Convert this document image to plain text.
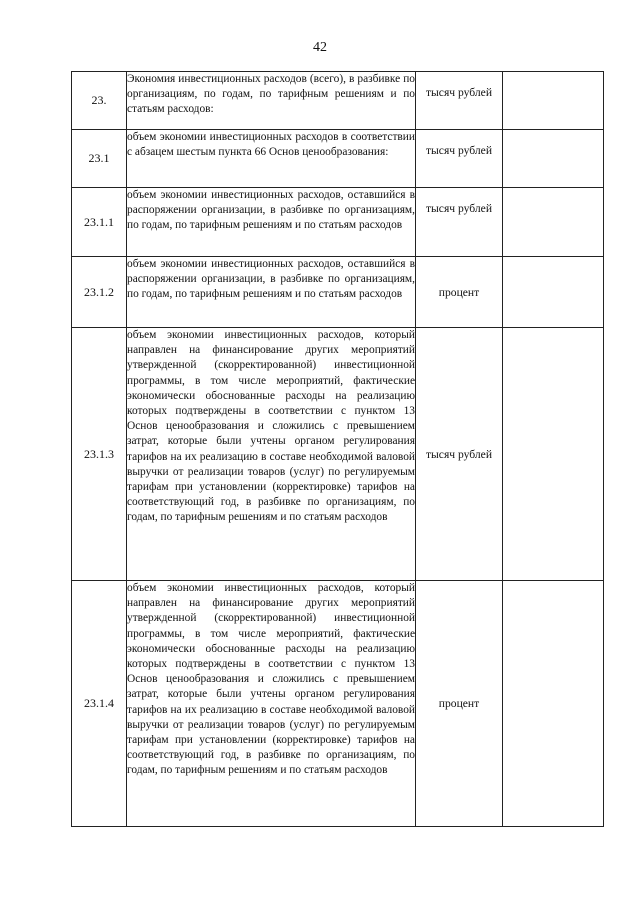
42
23.	Экономия инвестиционных расходов (всего), в разбивке по организациям, по годам, по тарифным решениям и по статьям расходов:	тысяч рублей	
23.1	объем экономии инвестиционных расходов в соответствии с абзацем шестым пункта 66 Основ ценообразования:	тысяч рублей	
23.1.1	объем экономии инвестиционных расходов, оставшийся в распоряжении организации, в разбивке по организациям, по годам, по тарифным решениям и по статьям расходов	тысяч рублей	
23.1.2	объем экономии инвестиционных расходов, оставшийся в распоряжении организации, в разбивке по организациям, по годам, по тарифным решениям и по статьям расходов	процент	
23.1.3	объем экономии инвестиционных расходов, который направлен на финансирование других мероприятий утвержденной (скорректированной) инвестиционной программы, в том числе мероприятий, фактические экономически обоснованные расходы на реализацию которых подтверждены в соответствии с пунктом 13 Основ ценообразования и сложились с превышением затрат, которые были учтены органом регулирования тарифов на их реализацию в составе необходимой валовой выручки от реализации товаров (услуг) по регулируемым тарифам при установлении (корректировке) тарифов на соответствующий год, в разбивке по организациям, по годам, по тарифным решениям и по статьям расходов	тысяч рублей	
23.1.4	объем экономии инвестиционных расходов, который направлен на финансирование других мероприятий утвержденной (скорректированной) инвестиционной программы, в том числе мероприятий, фактические экономически обоснованные расходы на реализацию которых подтверждены в соответствии с пунктом 13 Основ ценообразования и сложились с превышением затрат, которые были учтены органом регулирования тарифов на их реализацию в составе необходимой валовой выручки от реализации товаров (услуг) по регулируемым тарифам при установлении (корректировке) тарифов на соответствующий год, в разбивке по организациям, по годам, по тарифным решениям и по статьям расходов	процент	
